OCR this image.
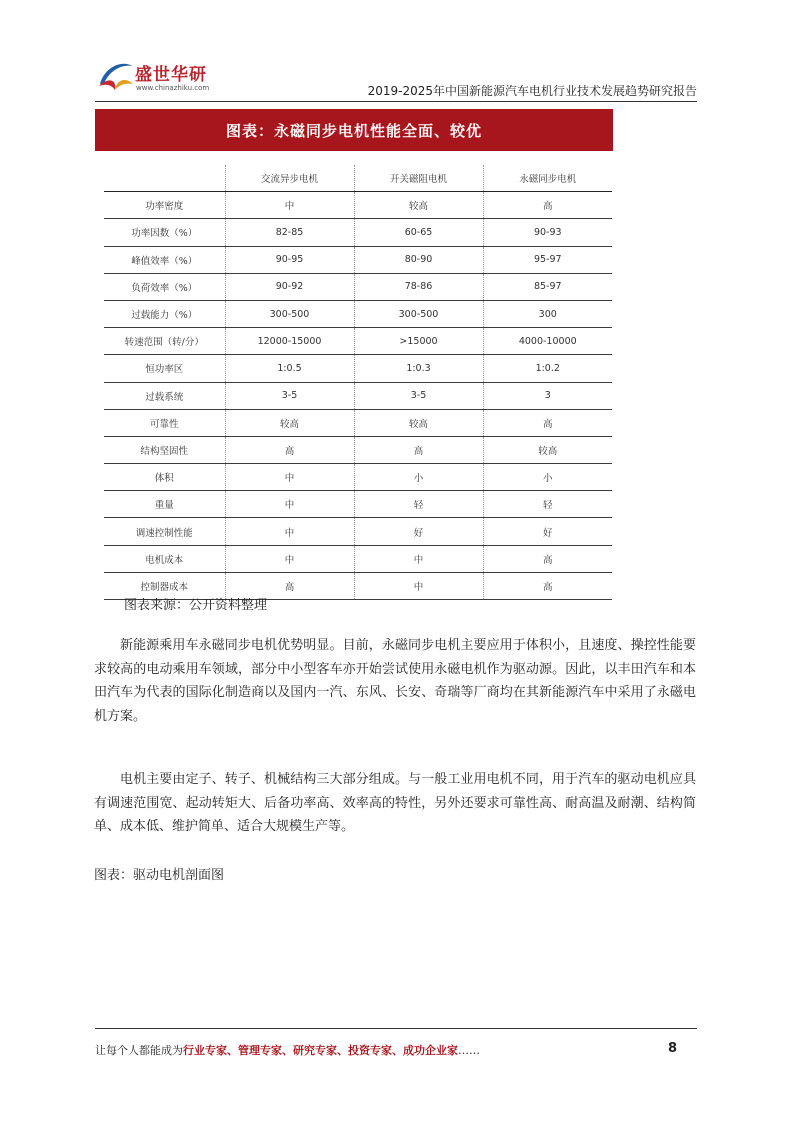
盛世华研
www.chinazhiku.com	2019-2025年中国新能源汽车电机行业技术发展趋势研究报告
图表：永磁同步电机性能全面、较优
	交流异步电机	开关磁阻电机	永磁同步电机
功率密度	中	较高	高
功率因数（%）	82-85	60-65	90-93
峰值效率（%）	90-95	80-90	95-97
负荷效率（%）	90-92	78-86	85-97
过载能力（%）	300-500	300-500	300
转速范围（转/分）	12000-15000	>15000	4000-10000
恒功率区	1:0.5	1:0.3	1:0.2
过载系统	3-5	3-5	3
可靠性	较高	较高	高
结构坚固性	高	高	较高
体积	中	小	小
重量	中	轻	轻
调速控制性能	中	好	好
电机成本	中	中	高
控制器成本	高	中	高
图表来源：公开资料整理

新能源乘用车永磁同步电机优势明显。目前，永磁同步电机主要应用于体积小，且速度、操控性能要求较高的电动乘用车领域，部分中小型客车亦开始尝试使用永磁电机作为驱动源。因此，以丰田汽车和本田汽车为代表的国际化制造商以及国内一汽、东风、长安、奇瑞等厂商均在其新能源汽车中采用了永磁电机方案。

电机主要由定子、转子、机械结构三大部分组成。与一般工业用电机不同，用于汽车的驱动电机应具有调速范围宽、起动转矩大、后备功率高、效率高的特性，另外还要求可靠性高、耐高温及耐潮、结构简单、成本低、维护简单、适合大规模生产等。

图表：驱动电机剖面图
让每个人都能成为行业专家、管理专家、研究专家、投资专家、成功企业家……	8
